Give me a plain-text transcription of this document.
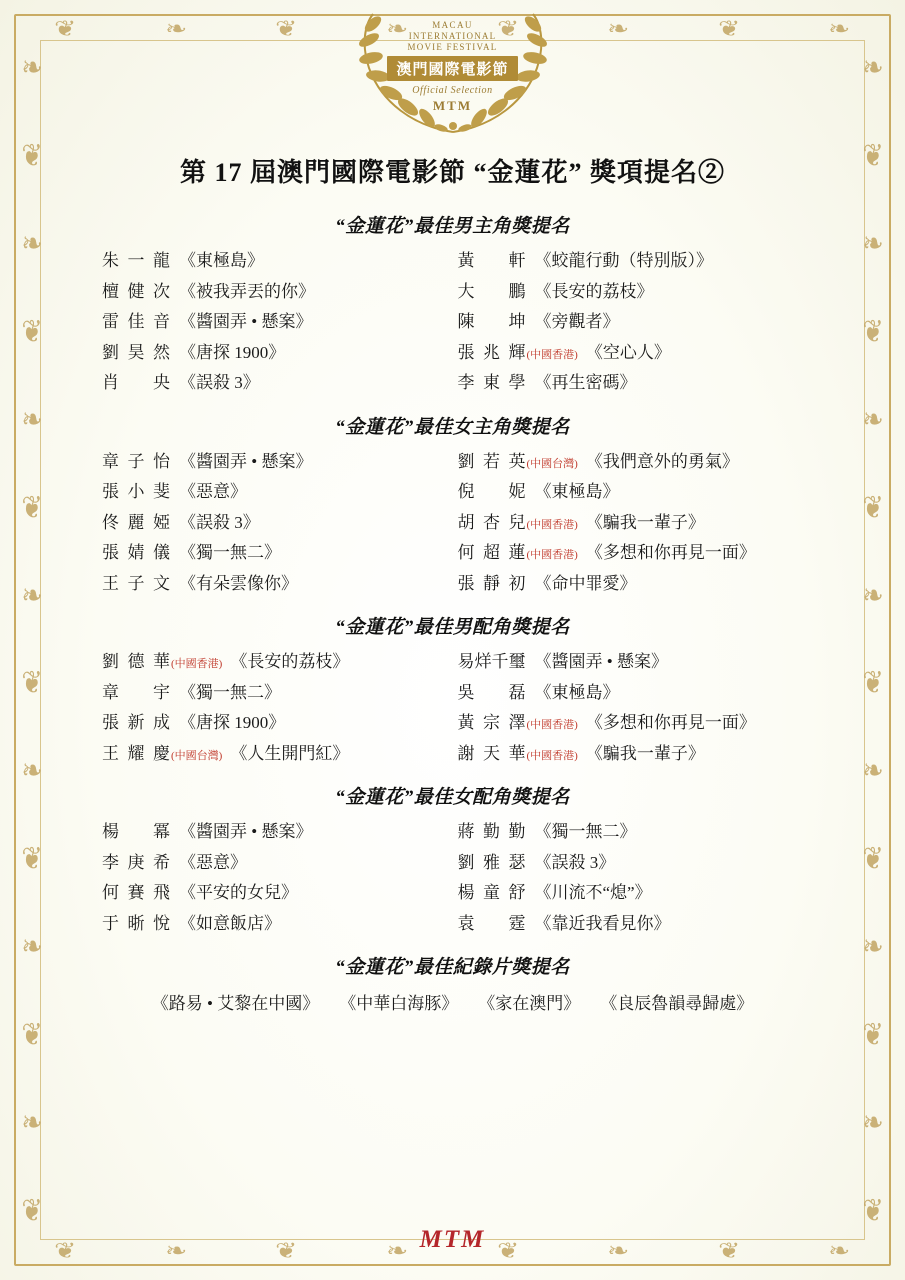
❦	❧	❦	❧	❦	❧	❦	❧
❦	❧	❦	❧	❦	❧	❦	❧
❧
❦
❧
❦
❧
❦
❧
❦
❧
❦
❧
❦
❧
❦
❧
❦
❧
❦
❧
❦
❧
❦
❧
❦
❧
❦
❧
❦
MACAU
INTERNATIONAL
MOVIE FESTIVAL
澳門國際電影節
Official Selection
MTM
第 17 屆澳門國際電影節 “金蓮花” 獎項提名②
“金蓮花”最佳男主角獎提名
朱一龍 《東極島》	黃　軒 《蛟龍行動（特別版）》
檀健次 《被我弄丟的你》	大　鵬 《長安的荔枝》
雷佳音 《醬園弄 • 懸案》	陳　坤 《旁觀者》
劉昊然 《唐探 1900》	張兆輝 (中國香港) 《空心人》
肖　央 《誤殺 3》	李東學 《再生密碼》
“金蓮花”最佳女主角獎提名
章子怡 《醬園弄 • 懸案》	劉若英 (中國台灣) 《我們意外的勇氣》
張小斐 《惡意》	倪　妮 《東極島》
佟麗婭 《誤殺 3》	胡杏兒 (中國香港) 《騙我一輩子》
張婧儀 《獨一無二》	何超蓮 (中國香港) 《多想和你再見一面》
王子文 《有朵雲像你》	張靜初 《命中罪愛》
“金蓮花”最佳男配角獎提名
劉德華 (中國香港) 《長安的荔枝》	易烊千璽 《醬園弄 • 懸案》
章　宇 《獨一無二》	吳　磊 《東極島》
張新成 《唐探 1900》	黃宗澤 (中國香港) 《多想和你再見一面》
王耀慶 (中國台灣) 《人生開門紅》	謝天華 (中國香港) 《騙我一輩子》
“金蓮花”最佳女配角獎提名
楊　冪 《醬園弄 • 懸案》	蔣勤勤 《獨一無二》
李庚希 《惡意》	劉雅瑟 《誤殺 3》
何賽飛 《平安的女兒》	楊童舒 《川流不“熄”》
于晣悅 《如意飯店》	袁　霆 《靠近我看見你》
“金蓮花”最佳紀錄片獎提名
《路易 • 艾黎在中國》 《中華白海豚》 《家在澳門》 《良辰魯韻尋歸處》
MTM
